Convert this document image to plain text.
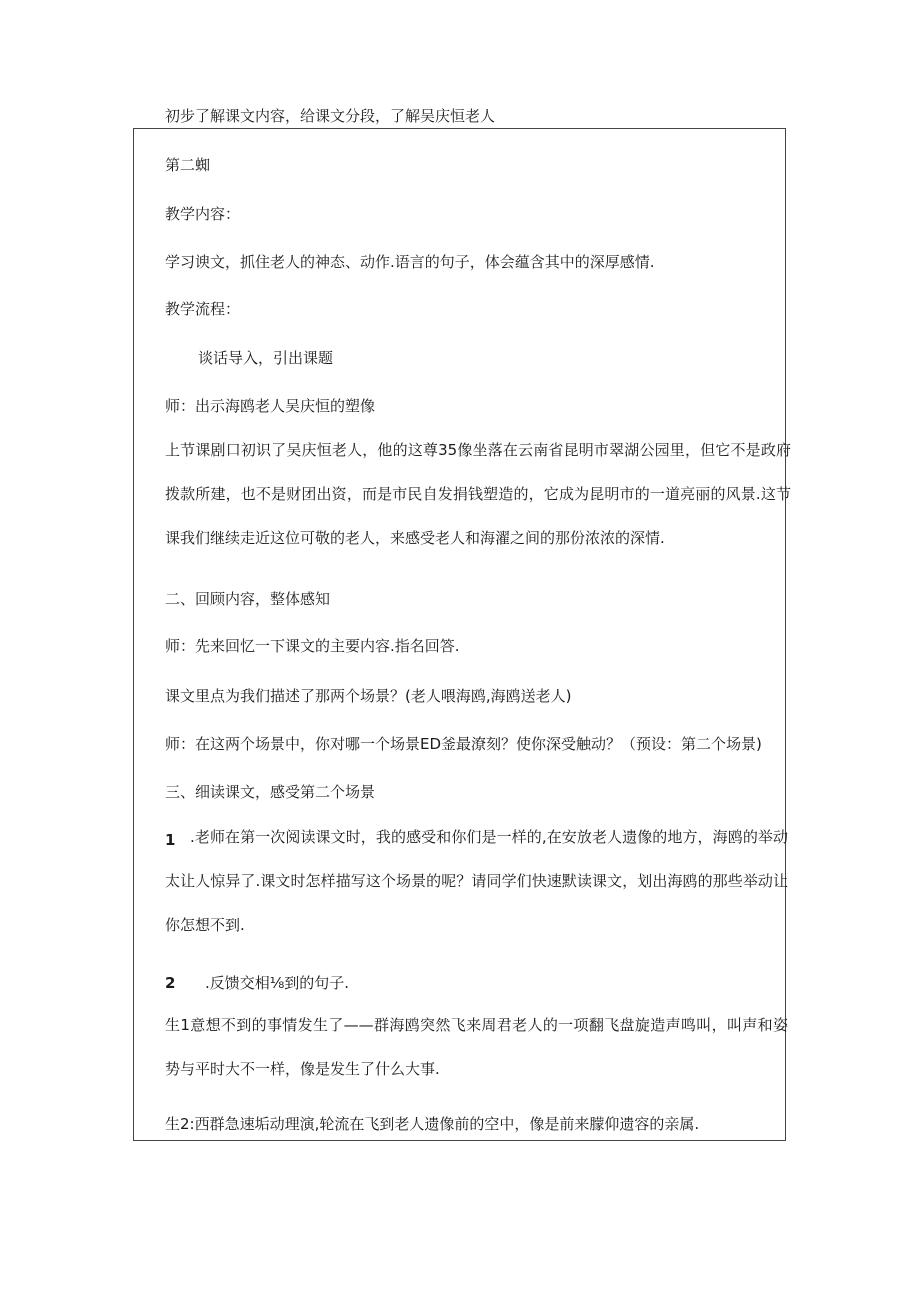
初步了解课文内容，给课文分段，了解吴庆恒老人

第二蜘

教学内容：

学习谀文，抓住老人的神态、动作.语言的句子，体会蕴含其中的深厚感情.

教学流程：

谈话导入，引出课题

师：出示海鸥老人吴庆恒的塑像

上节课剧口初识了吴庆恒老人，他的这尊35像坐落在云南省昆明市翠湖公园里，但它不是政府拨款所建，也不是财团出资，而是市民自发捐钱塑造的，它成为昆明市的一道亮丽的风景.这节课我们继续走近这位可敬的老人，来感受老人和海濯之间的那份浓浓的深情.

二、回顾内容，整体感知

师：先来回忆一下课文的主要内容.指名回答.

课文里点为我们描述了那两个场景？(老人喂海鸥,海鸥送老人)

师：在这两个场景中，你对哪一个场景ED釜最潦刻？使你深受触动？（预设：第二个场景)

三、细读课文，感受第二个场景

1 .老师在第一次阅读课文时，我的感受和你们是一样的,在安放老人遗像的地方，海鸥的举动太让人惊异了.课文时怎样描写这个场景的呢？请同学们快速默读课文，划出海鸥的那些举动让你怎想不到.

2 .反馈交相⅛到的句子.

生1意想不到的事情发生了——群海鸥突然飞来周君老人的一项翻飞盘旋造声鸣叫，叫声和姿势与平时大不一样，像是发生了什么大事.

生2:西群急速垢动理演,轮流在飞到老人遗像前的空中，像是前来朦仰遗容的亲属.
